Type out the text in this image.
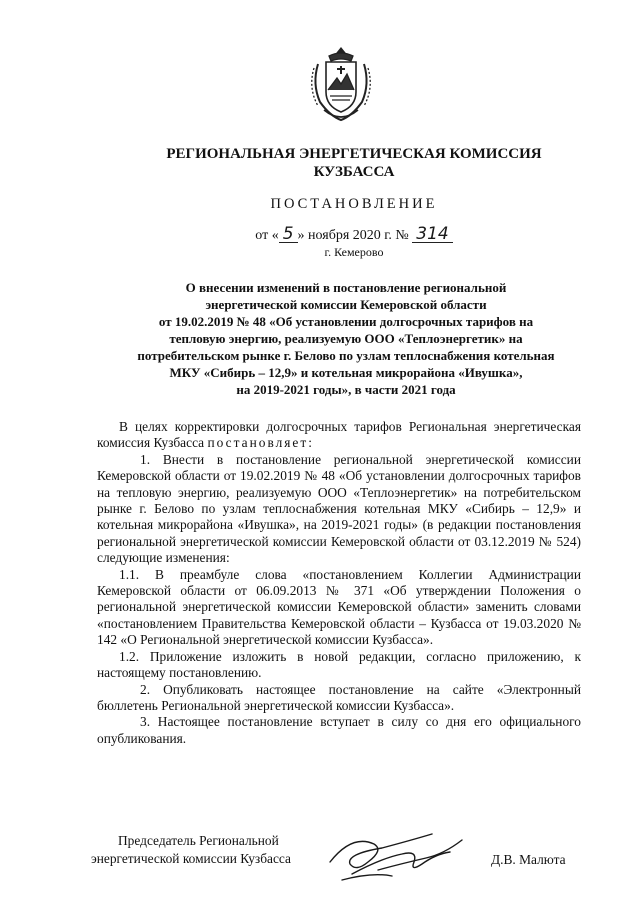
РЕГИОНАЛЬНАЯ ЭНЕРГЕТИЧЕСКАЯ КОМИССИЯ
КУЗБАССА
ПОСТАНОВЛЕНИЕ
от « 5 » ноября 2020 г. № 314
г. Кемерово
О внесении изменений в постановление региональной
энергетической комиссии Кемеровской области
от 19.02.2019 № 48 «Об установлении долгосрочных тарифов на
тепловую энергию, реализуемую ООО «Теплоэнергетик» на
потребительском рынке г. Белово по узлам теплоснабжения котельная
МКУ «Сибирь – 12,9» и котельная микрорайона «Ивушка»,
на 2019-2021 годы», в части 2021 года

В целях корректировки долгосрочных тарифов Региональная энергетическая комиссия Кузбасса постановляет:

1. Внести в постановление региональной энергетической комиссии Кемеровской области от 19.02.2019 № 48 «Об установлении долгосрочных тарифов на тепловую энергию, реализуемую ООО «Теплоэнергетик» на потребительском рынке г. Белово по узлам теплоснабжения котельная МКУ «Сибирь – 12,9» и котельная микрорайона «Ивушка», на 2019-2021 годы» (в редакции постановления региональной энергетической комиссии Кемеровской области от 03.12.2019 № 524) следующие изменения:

1.1. В преамбуле слова «постановлением Коллегии Администрации Кемеровской области от 06.09.2013 № 371 «Об утверждении Положения о региональной энергетической комиссии Кемеровской области» заменить словами «постановлением Правительства Кемеровской области – Кузбасса от 19.03.2020 № 142 «О Региональной энергетической комиссии Кузбасса».

1.2. Приложение изложить в новой редакции, согласно приложению, к настоящему постановлению.

2. Опубликовать настоящее постановление на сайте «Электронный бюллетень Региональной энергетической комиссии Кузбасса».

3. Настоящее постановление вступает в силу со дня его официального опубликования.

Председатель Региональной
энергетической комиссии Кузбасса	Д.В. Малюта
